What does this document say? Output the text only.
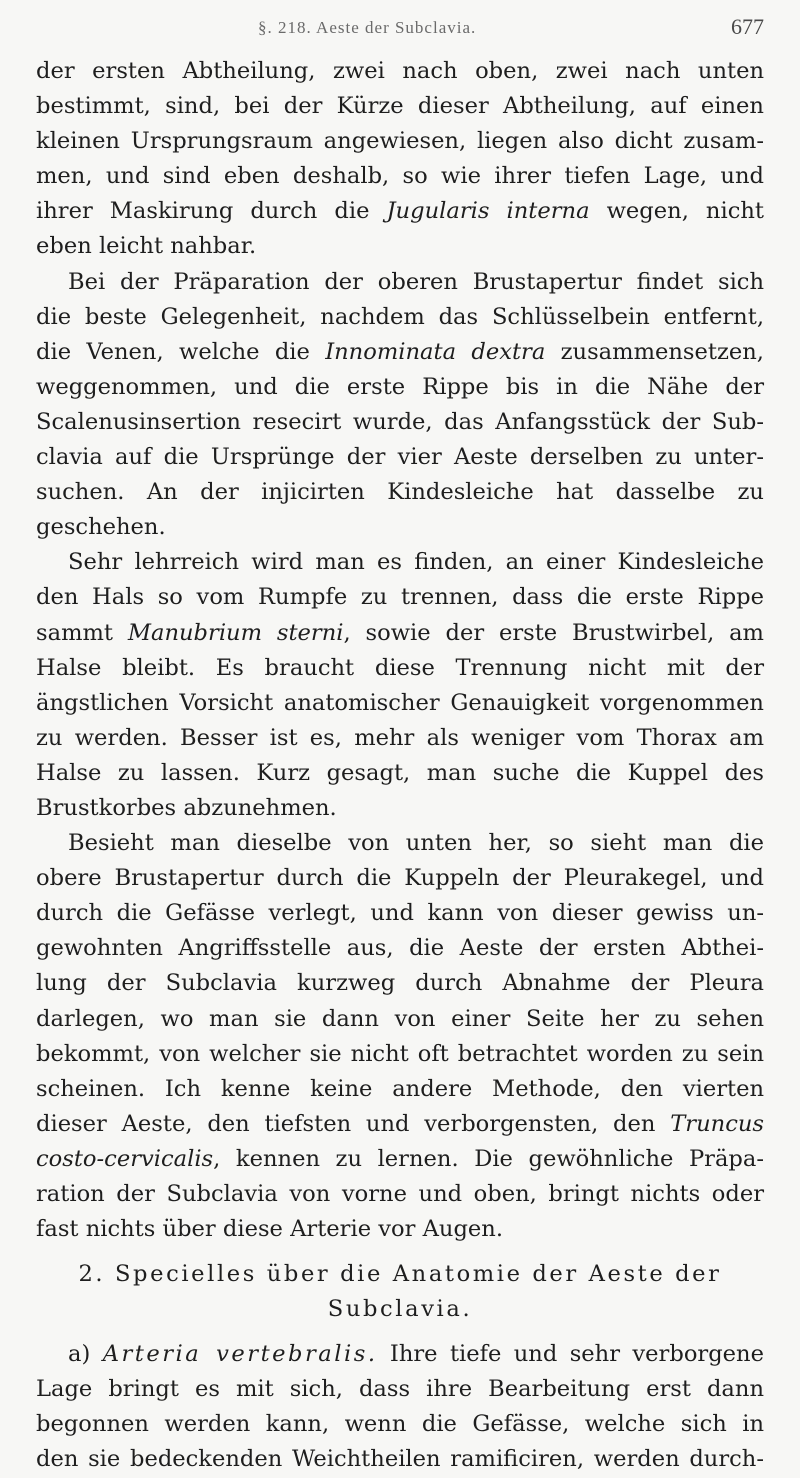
§. 218. Aeste der Subclavia.	677

der ersten Abtheilung, zwei nach oben, zwei nach unten

bestimmt, sind, bei der Kürze dieser Abtheilung, auf einen

kleinen Ursprungsraum angewiesen, liegen also dicht zusam-

men, und sind eben deshalb, so wie ihrer tiefen Lage, und

ihrer Maskirung durch die Jugularis interna wegen, nicht

eben leicht nahbar.

Bei der Präparation der oberen Brustapertur findet sich

die beste Gelegenheit, nachdem das Schlüsselbein entfernt,

die Venen, welche die Innominata dextra zusammensetzen,

weggenommen, und die erste Rippe bis in die Nähe der

Scalenusinsertion resecirt wurde, das Anfangsstück der Sub-

clavia auf die Ursprünge der vier Aeste derselben zu unter-

suchen. An der injicirten Kindesleiche hat dasselbe zu

geschehen.

Sehr lehrreich wird man es finden, an einer Kindesleiche

den Hals so vom Rumpfe zu trennen, dass die erste Rippe

sammt Manubrium sterni, sowie der erste Brustwirbel, am

Halse bleibt. Es braucht diese Trennung nicht mit der

ängstlichen Vorsicht anatomischer Genauigkeit vorgenommen

zu werden. Besser ist es, mehr als weniger vom Thorax am

Halse zu lassen. Kurz gesagt, man suche die Kuppel des

Brustkorbes abzunehmen.

Besieht man dieselbe von unten her, so sieht man die

obere Brustapertur durch die Kuppeln der Pleurakegel, und

durch die Gefässe verlegt, und kann von dieser gewiss un-

gewohnten Angriffsstelle aus, die Aeste der ersten Abthei-

lung der Subclavia kurzweg durch Abnahme der Pleura

darlegen, wo man sie dann von einer Seite her zu sehen

bekommt, von welcher sie nicht oft betrachtet worden zu sein

scheinen. Ich kenne keine andere Methode, den vierten

dieser Aeste, den tiefsten und verborgensten, den Truncus

costo-cervicalis, kennen zu lernen. Die gewöhnliche Präpa-

ration der Subclavia von vorne und oben, bringt nichts oder

fast nichts über diese Arterie vor Augen.

2. Specielles über die Anatomie der Aeste der
Subclavia.

a) Arteria vertebralis. Ihre tiefe und sehr verborgene

Lage bringt es mit sich, dass ihre Bearbeitung erst dann

begonnen werden kann, wenn die Gefässe, welche sich in

den sie bedeckenden Weichtheilen ramificiren, werden durch-
